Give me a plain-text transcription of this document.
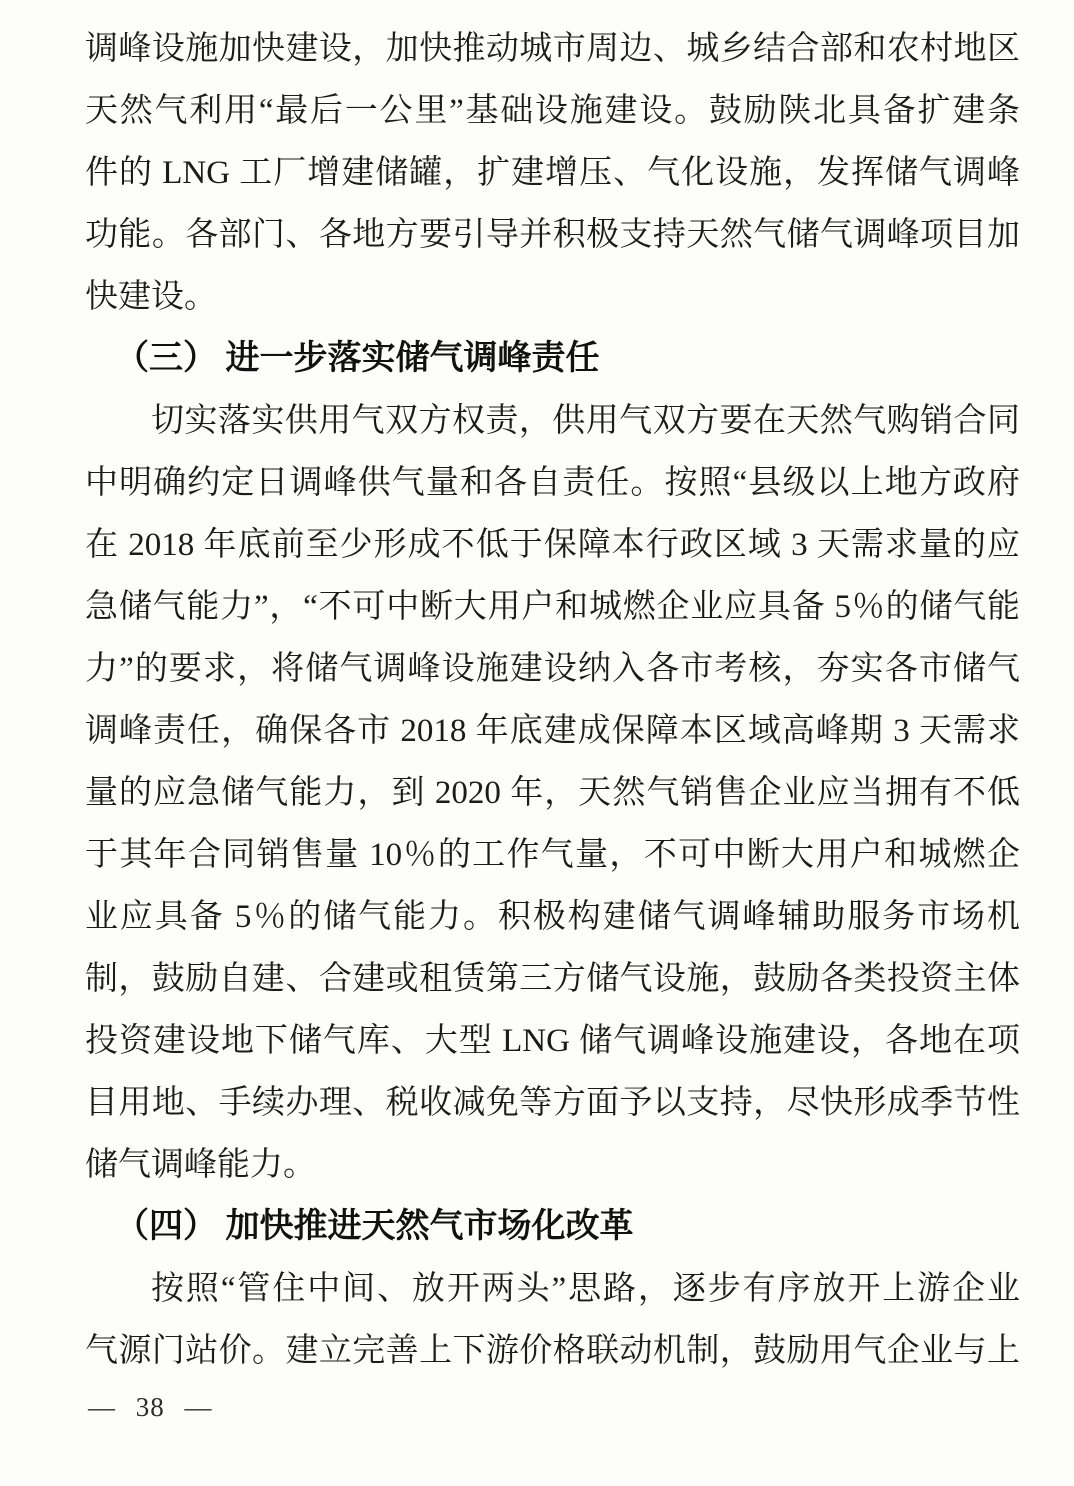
调峰设施加快建设，加快推动城市周边、城乡结合部和农村地区
天然气利用“最后一公里”基础设施建设。鼓励陕北具备扩建条
件的 LNG 工厂增建储罐，扩建增压、气化设施，发挥储气调峰
功能。各部门、各地方要引导并积极支持天然气储气调峰项目加
快建设。
（三） 进一步落实储气调峰责任
切实落实供用气双方权责，供用气双方要在天然气购销合同
中明确约定日调峰供气量和各自责任。按照“县级以上地方政府
在 2018 年底前至少形成不低于保障本行政区域 3 天需求量的应
急储气能力”，“不可中断大用户和城燃企业应具备 5％的储气能
力”的要求，将储气调峰设施建设纳入各市考核，夯实各市储气
调峰责任，确保各市 2018 年底建成保障本区域高峰期 3 天需求
量的应急储气能力，到 2020 年，天然气销售企业应当拥有不低
于其年合同销售量 10％的工作气量，不可中断大用户和城燃企
业应具备 5％的储气能力。积极构建储气调峰辅助服务市场机
制，鼓励自建、合建或租赁第三方储气设施，鼓励各类投资主体
投资建设地下储气库、大型 LNG 储气调峰设施建设，各地在项
目用地、手续办理、税收减免等方面予以支持，尽快形成季节性
储气调峰能力。
（四） 加快推进天然气市场化改革
按照“管住中间、放开两头”思路，逐步有序放开上游企业
气源门站价。建立完善上下游价格联动机制，鼓励用气企业与上
— 38 —
